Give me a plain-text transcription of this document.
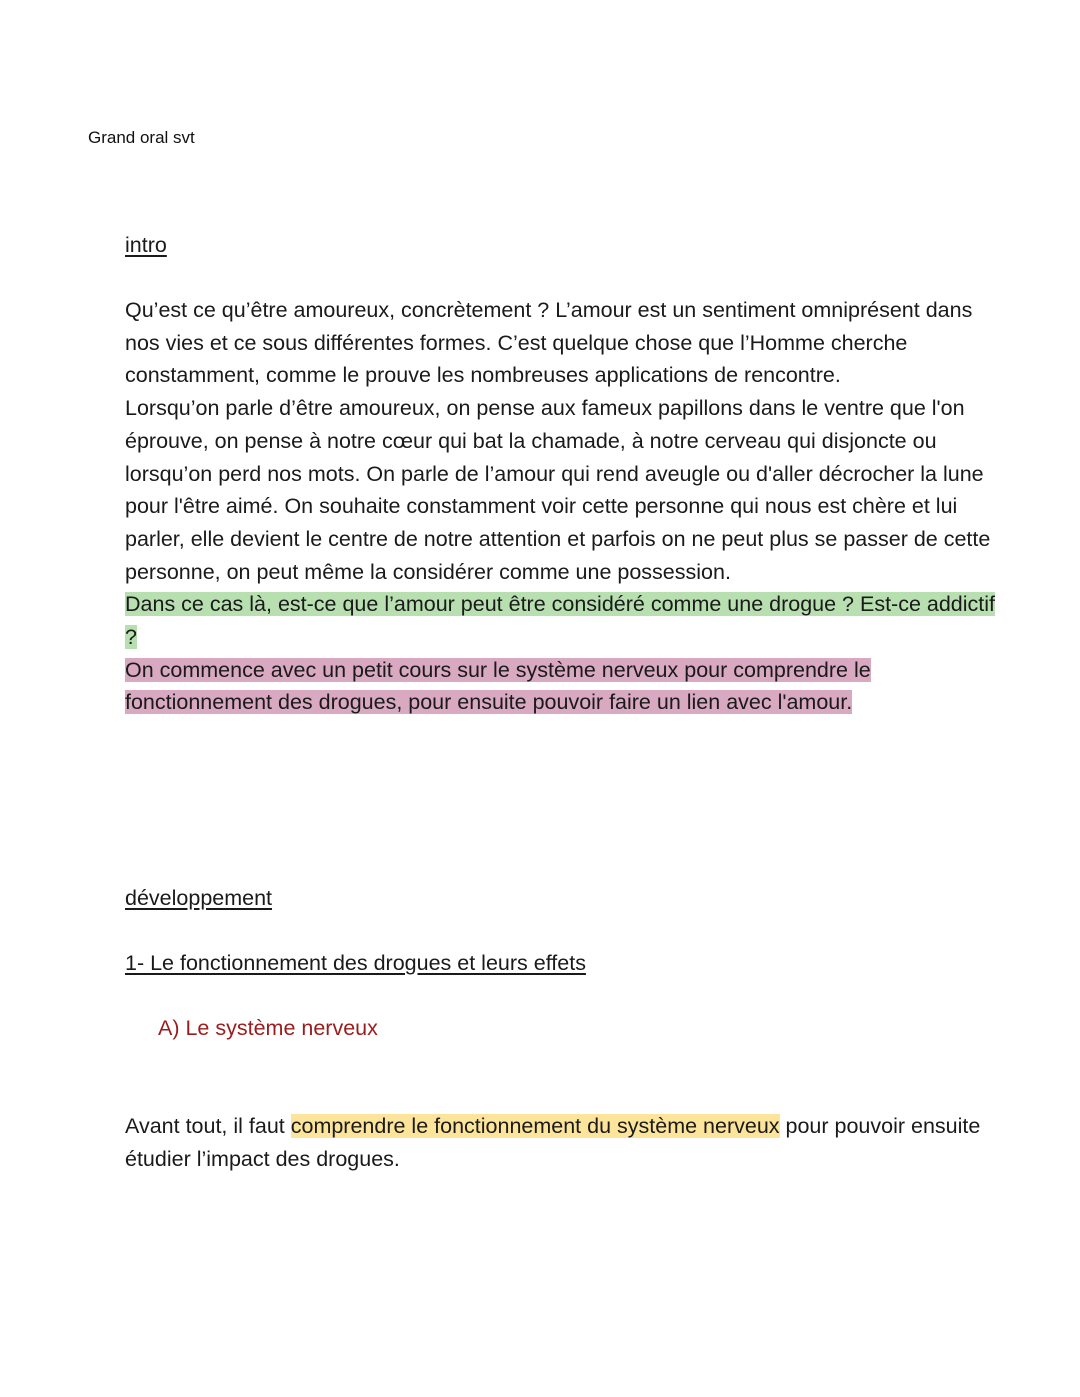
Grand oral svt
intro

Qu’est ce qu’être amoureux, concrètement ? L’amour est un sentiment omniprésent dans nos vies et ce sous différentes formes. C’est quelque chose que l’Homme cherche constamment, comme le prouve les nombreuses applications de rencontre.

Lorsqu’on parle d’être amoureux, on pense aux fameux papillons dans le ventre que l'on éprouve, on pense à notre cœur qui bat la chamade, à notre cerveau qui disjoncte ou lorsqu’on perd nos mots. On parle de l’amour qui rend aveugle ou d'aller décrocher la lune pour l'être aimé. On souhaite constamment voir cette personne qui nous est chère et lui parler, elle devient le centre de notre attention et parfois on ne peut plus se passer de cette personne, on peut même la considérer comme une possession.

Dans ce cas là, est-ce que l’amour peut être considéré comme une drogue ? Est-ce addictif ?

On commence avec un petit cours sur le système nerveux pour comprendre le fonctionnement des drogues, pour ensuite pouvoir faire un lien avec l'amour.

développement
1- Le fonctionnement des drogues et leurs effets
A) Le système nerveux

Avant tout, il faut comprendre le fonctionnement du système nerveux pour pouvoir ensuite étudier l’impact des drogues.
